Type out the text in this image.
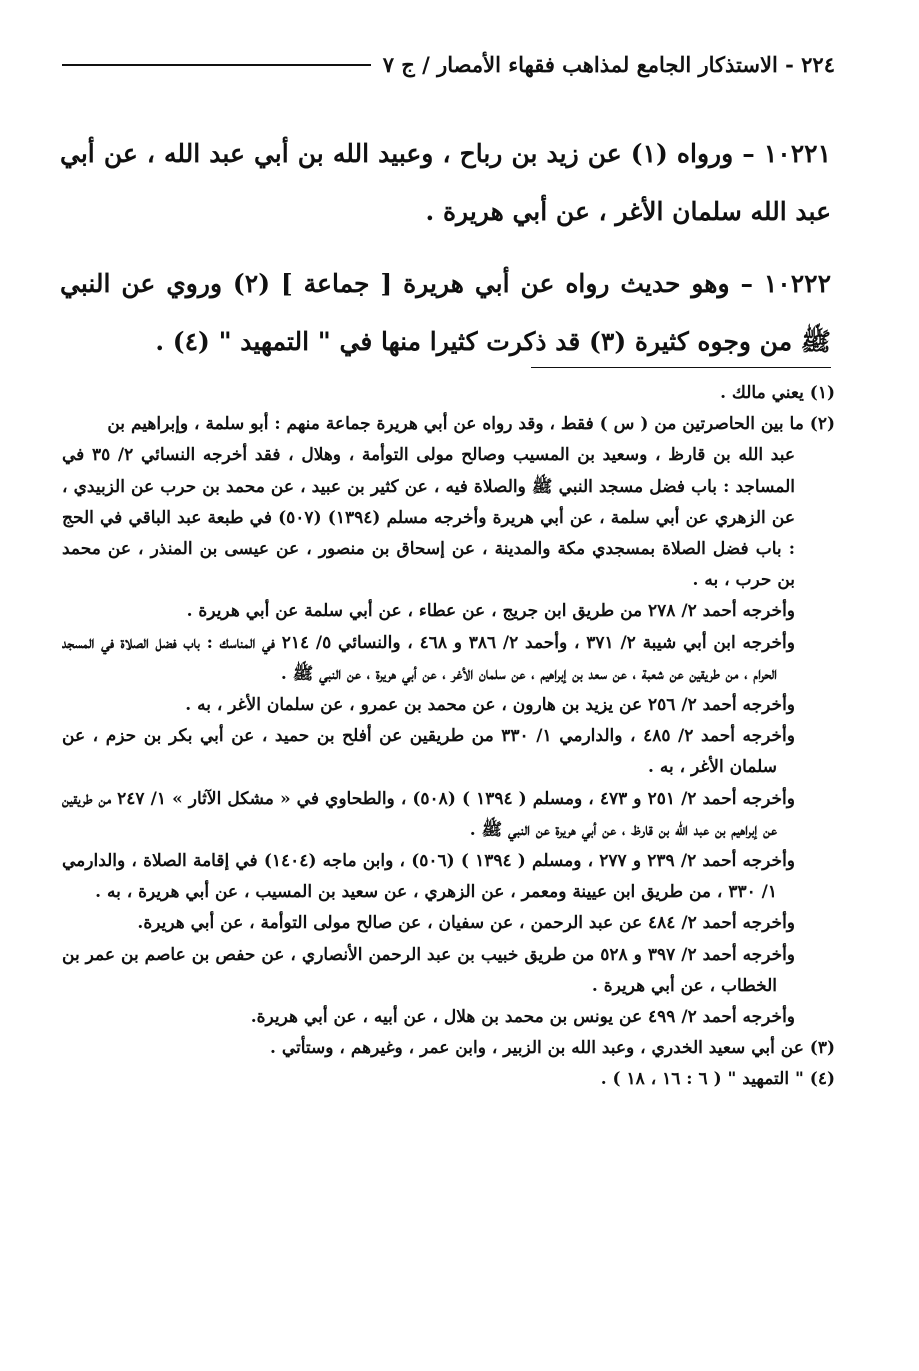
٢٢٤ - الاستذكار الجامع لمذاهب فقهاء الأمصار / ج ٧

١٠٢٢١ – ورواه (١) عن زيد بن رباح ، وعبيد الله بن أبي عبد الله ، عن أبي عبد الله سلمان الأغر ، عن أبي هريرة .

١٠٢٢٢ – وهو حديث رواه عن أبي هريرة [ جماعة ] (٢) وروي عن النبي ﷺ من وجوه كثيرة (٣) قد ذكرت كثيرا منها في " التمهيد " (٤) .

(١) يعني مالك .

(٢) ما بين الحاصرتين من ( س ) فقط ، وقد رواه عن أبي هريرة جماعة منهم : أبو سلمة ، وإبراهيم بن

عبد الله بن قارظ ، وسعيد بن المسيب وصالح مولى التوأمة ، وهلال ، فقد أخرجه النسائي ٢/ ٣٥ في المساجد : باب فضل مسجد النبي ﷺ والصلاة فيه ، عن كثير بن عبيد ، عن محمد بن حرب عن الزبيدي ، عن الزهري عن أبي سلمة ، عن أبي هريرة وأخرجه مسلم (١٣٩٤) (٥٠٧) في طبعة عبد الباقي في الحج : باب فضل الصلاة بمسجدي مكة والمدينة ، عن إسحاق بن منصور ، عن عيسى بن المنذر ، عن محمد بن حرب ، به .

وأخرجه أحمد ٢/ ٢٧٨ من طريق ابن جريج ، عن عطاء ، عن أبي سلمة عن أبي هريرة .

وأخرجه ابن أبي شيبة ٢/ ٣٧١ ، وأحمد ٢/ ٣٨٦ و ٤٦٨ ، والنسائي ٥/ ٢١٤ في المناسك : باب فضل الصلاة في المسجد الحرام ، من طريقين عن شعبة ، عن سعد بن إبراهيم ، عن سلمان الأغر ، عن أبي هريرة ، عن النبي ﷺ .

وأخرجه أحمد ٢/ ٢٥٦ عن يزيد بن هارون ، عن محمد بن عمرو ، عن سلمان الأغر ، به .

وأخرجه أحمد ٢/ ٤٨٥ ، والدارمي ١/ ٣٣٠ من طريقين عن أفلح بن حميد ، عن أبي بكر بن حزم ، عن سلمان الأغر ، به .

وأخرجه أحمد ٢/ ٢٥١ و ٤٧٣ ، ومسلم ( ١٣٩٤ ) (٥٠٨) ، والطحاوي في « مشكل الآثار » ١/ ٢٤٧ من طريقين عن إبراهيم بن عبد الله بن قارظ ، عن أبي هريرة عن النبي ﷺ .

وأخرجه أحمد ٢/ ٢٣٩ و ٢٧٧ ، ومسلم ( ١٣٩٤ ) (٥٠٦) ، وابن ماجه (١٤٠٤) في إقامة الصلاة ، والدارمي ١/ ٣٣٠ ، من طريق ابن عيينة ومعمر ، عن الزهري ، عن سعيد بن المسيب ، عن أبي هريرة ، به .

وأخرجه أحمد ٢/ ٤٨٤ عن عبد الرحمن ، عن سفيان ، عن صالح مولى التوأمة ، عن أبي هريرة.

وأخرجه أحمد ٢/ ٣٩٧ و ٥٢٨ من طريق خبيب بن عبد الرحمن الأنصاري ، عن حفص بن عاصم بن عمر بن الخطاب ، عن أبي هريرة .

وأخرجه أحمد ٢/ ٤٩٩ عن يونس بن محمد بن هلال ، عن أبيه ، عن أبي هريرة.

(٣) عن أبي سعيد الخدري ، وعبد الله بن الزبير ، وابن عمر ، وغيرهم ، وستأتي .

(٤) " التمهيد " ( ٦ : ١٦ ، ١٨ ) .
